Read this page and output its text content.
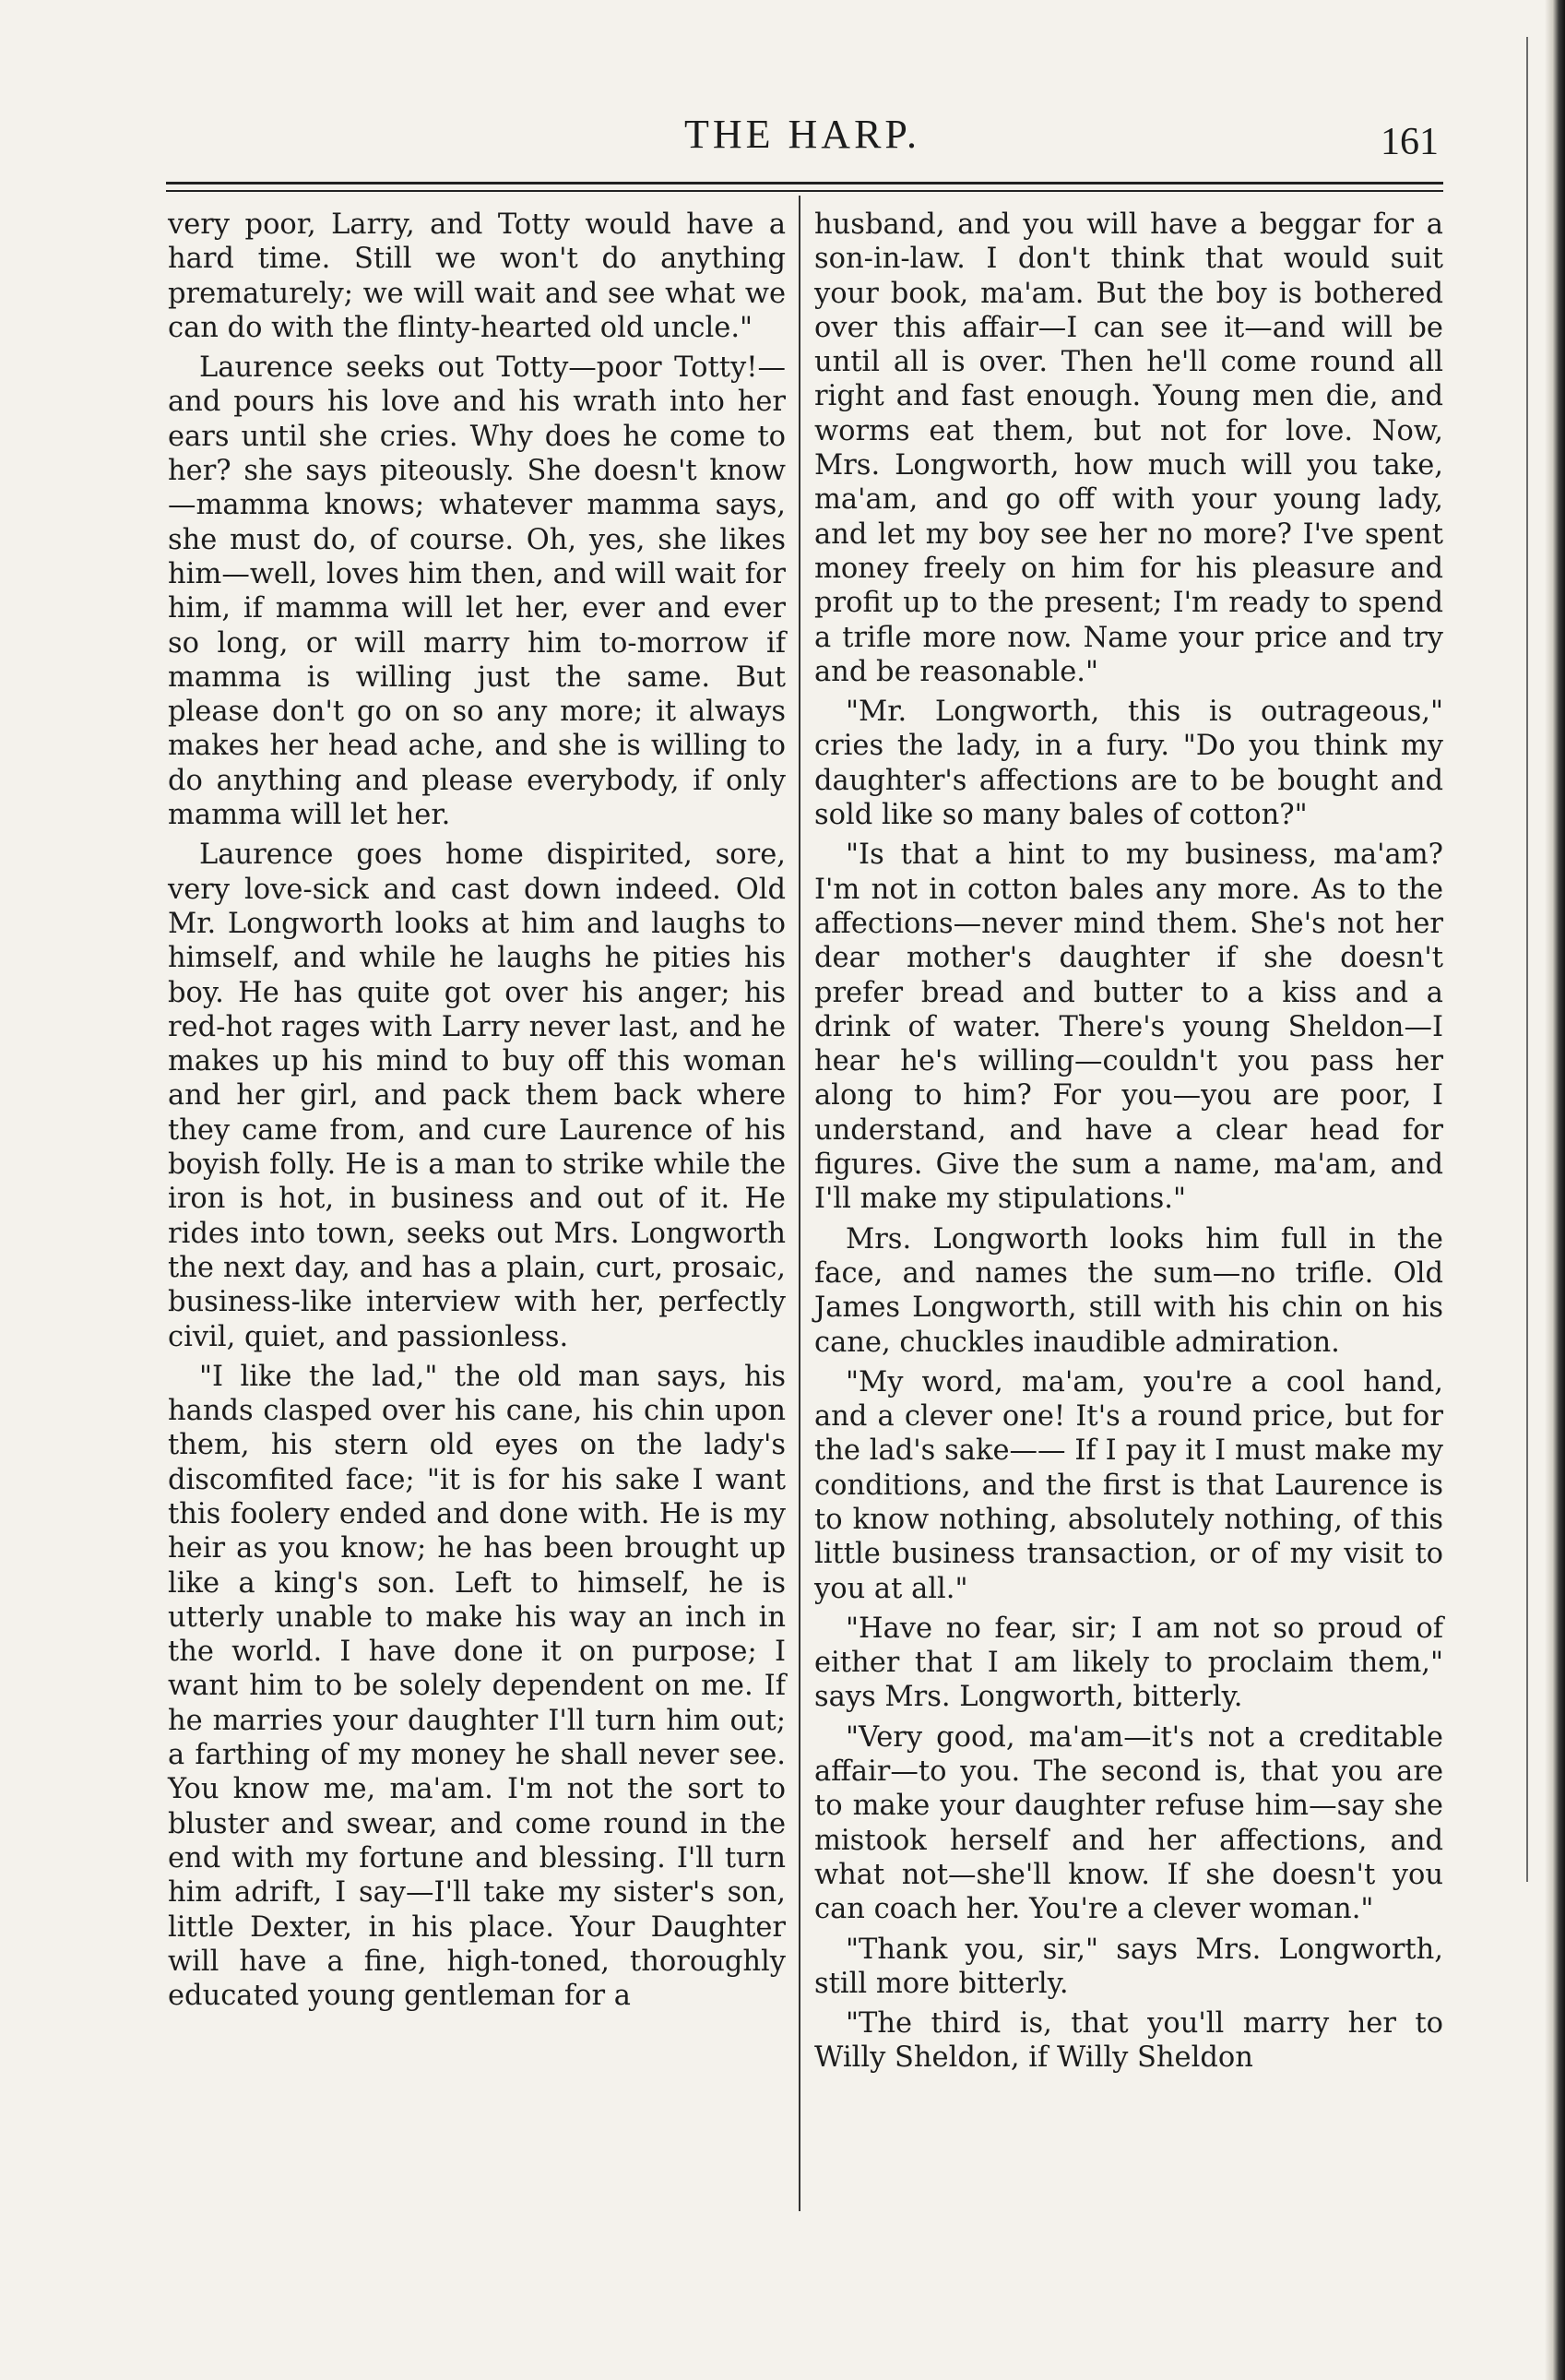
THE HARP.	161

very poor, Larry, and Totty would have a hard time. Still we won't do anything prematurely; we will wait and see what we can do with the flinty-hearted old uncle."

Laurence seeks out Totty—poor Totty!—and pours his love and his wrath into her ears until she cries. Why does he come to her? she says piteously. She doesn't know—mamma knows; whatever mamma says, she must do, of course. Oh, yes, she likes him—well, loves him then, and will wait for him, if mamma will let her, ever and ever so long, or will marry him to-morrow if mamma is willing just the same. But please don't go on so any more; it always makes her head ache, and she is willing to do anything and please everybody, if only mamma will let her.

Laurence goes home dispirited, sore, very love-sick and cast down indeed. Old Mr. Longworth looks at him and laughs to himself, and while he laughs he pities his boy. He has quite got over his anger; his red-hot rages with Larry never last, and he makes up his mind to buy off this woman and her girl, and pack them back where they came from, and cure Laurence of his boyish folly. He is a man to strike while the iron is hot, in business and out of it. He rides into town, seeks out Mrs. Longworth the next day, and has a plain, curt, prosaic, business-like interview with her, perfectly civil, quiet, and passionless.

"I like the lad," the old man says, his hands clasped over his cane, his chin upon them, his stern old eyes on the lady's discomfited face; "it is for his sake I want this foolery ended and done with. He is my heir as you know; he has been brought up like a king's son. Left to himself, he is utterly unable to make his way an inch in the world. I have done it on purpose; I want him to be solely dependent on me. If he marries your daughter I'll turn him out; a farthing of my money he shall never see. You know me, ma'am. I'm not the sort to bluster and swear, and come round in the end with my fortune and blessing. I'll turn him adrift, I say—I'll take my sister's son, little Dexter, in his place. Your Daughter will have a fine, high-toned, thoroughly educated young gentleman for a

husband, and you will have a beggar for a son-in-law. I don't think that would suit your book, ma'am. But the boy is bothered over this affair—I can see it—and will be until all is over. Then he'll come round all right and fast enough. Young men die, and worms eat them, but not for love. Now, Mrs. Longworth, how much will you take, ma'am, and go off with your young lady, and let my boy see her no more? I've spent money freely on him for his pleasure and profit up to the present; I'm ready to spend a trifle more now. Name your price and try and be reasonable."

"Mr. Longworth, this is outrageous," cries the lady, in a fury. "Do you think my daughter's affections are to be bought and sold like so many bales of cotton?"

"Is that a hint to my business, ma'am? I'm not in cotton bales any more. As to the affections—never mind them. She's not her dear mother's daughter if she doesn't prefer bread and butter to a kiss and a drink of water. There's young Sheldon—I hear he's willing—couldn't you pass her along to him? For you—you are poor, I understand, and have a clear head for figures. Give the sum a name, ma'am, and I'll make my stipulations."

Mrs. Longworth looks him full in the face, and names the sum—no trifle. Old James Longworth, still with his chin on his cane, chuckles inaudible admiration.

"My word, ma'am, you're a cool hand, and a clever one! It's a round price, but for the lad's sake—— If I pay it I must make my conditions, and the first is that Laurence is to know nothing, absolutely nothing, of this little business transaction, or of my visit to you at all."

"Have no fear, sir; I am not so proud of either that I am likely to proclaim them," says Mrs. Longworth, bitterly.

"Very good, ma'am—it's not a creditable affair—to you. The second is, that you are to make your daughter refuse him—say she mistook herself and her affections, and what not—she'll know. If she doesn't you can coach her. You're a clever woman."

"Thank you, sir," says Mrs. Longworth, still more bitterly.

"The third is, that you'll marry her to Willy Sheldon, if Willy Sheldon
